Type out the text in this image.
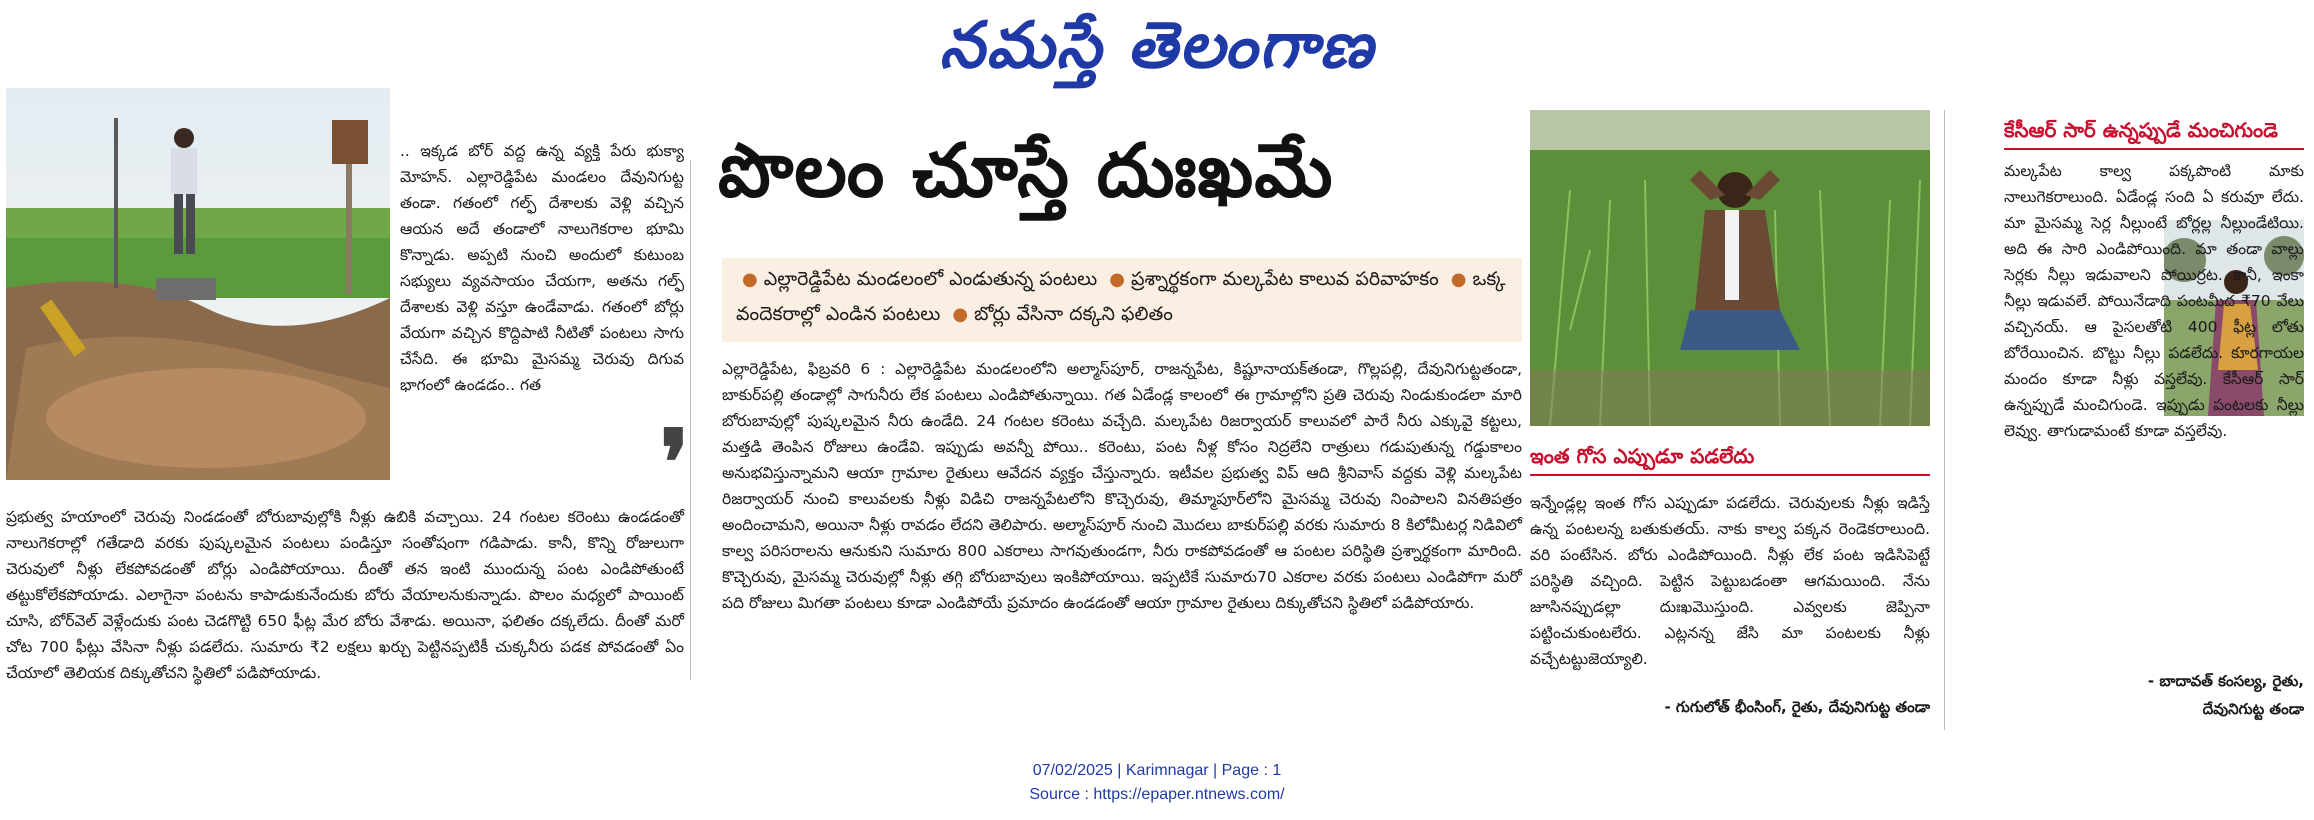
నమస్తే తెలంగాణ

.. ఇక్కడ బోర్ వద్ద ఉన్న వ్యక్తి పేరు భుక్యా మోహన్. ఎల్లారెడ్డిపేట మండలం దేవునిగుట్ట తండా. గతంలో గల్ఫ్ దేశాలకు వెళ్లి వచ్చిన ఆయన అదే తండాలో నాలుగెకరాల భూమి కొన్నాడు. అప్పటి నుంచి అందులో కుటుంబ సభ్యులు వ్యవసాయం చేయగా, అతను గల్ఫ్ దేశాలకు వెళ్లి వస్తూ ఉండేవాడు. గతంలో బోర్లు వేయగా వచ్చిన కొద్దిపాటి నీటితో పంటలు సాగు చేసేది. ఈ భూమి మైసమ్మ చెరువు దిగువ భాగంలో ఉండడం.. గత

ప్రభుత్వ హయాంలో చెరువు నిండడంతో బోరుబావుల్లోకి నీళ్లు ఉబికి వచ్చాయి. 24 గంటల కరెంటు ఉండడంతో నాలుగెకరాల్లో గతేడాది వరకు పుష్కలమైన పంటలు పండిస్తూ సంతోషంగా గడిపాడు. కానీ, కొన్ని రోజులుగా చెరువులో నీళ్లు లేకపోవడంతో బోర్లు ఎండిపోయాయి. దీంతో తన ఇంటి ముందున్న పంట ఎండిపోతుంటే తట్టుకోలేకపోయాడు. ఎలాగైనా పంటను కాపాడుకునేందుకు బోరు వేయాలనుకున్నాడు. పొలం మధ్యలో పాయింట్ చూసి, బోర్‌వెల్ వెళ్లేందుకు పంట చెడగొట్టి 650 ఫీట్ల మేర బోరు వేశాడు. అయినా, ఫలితం దక్కలేదు. దీంతో మరో చోట 700 ఫీట్లు వేసినా నీళ్లు పడలేదు. సుమారు ₹2 లక్షలు ఖర్చు పెట్టినప్పటికీ చుక్కనీరు పడక పోవడంతో ఏం చేయాలో తెలియక దిక్కుతోచని స్థితిలో పడిపోయాడు.

❜
పొలం చూస్తే దుఃఖమే
● ఎల్లారెడ్డిపేట మండలంలో ఎండుతున్న పంటలు ● ప్రశ్నార్థకంగా మల్కపేట కాలువ పరివాహకం ● ఒక్క వందెకరాల్లో ఎండిన పంటలు ● బోర్లు వేసినా దక్కని ఫలితం

ఎల్లారెడ్డిపేట, ఫిబ్రవరి 6 : ఎల్లారెడ్డిపేట మండలంలోని అల్మాస్‌పూర్, రాజన్నపేట, కిష్టూనాయక్‌తండా, గొల్లపల్లి, దేవునిగుట్టతండా, బాకుర్‌పల్లి తండాల్లో సాగునీరు లేక పంటలు ఎండిపోతున్నాయి. గత ఏడేండ్ల కాలంలో ఈ గ్రామాల్లోని ప్రతి చెరువు నిండుకుండలా మారి బోరుబావుల్లో పుష్కలమైన నీరు ఉండేది. 24 గంటల కరెంటు వచ్చేది. మల్కపేట రిజర్వాయర్ కాలువలో పారే నీరు ఎక్కువై కట్టలు, మత్తడి తెంపిన రోజులు ఉండేవి. ఇప్పుడు అవన్నీ పోయి.. కరెంటు, పంట నీళ్ల కోసం నిద్రలేని రాత్రులు గడుపుతున్న గడ్డుకాలం అనుభవిస్తున్నామని ఆయా గ్రామాల రైతులు ఆవేదన వ్యక్తం చేస్తున్నారు. ఇటీవల ప్రభుత్వ విప్ ఆది శ్రీనివాస్ వద్దకు వెళ్లి మల్కపేట రిజర్వాయర్ నుంచి కాలువలకు నీళ్లు విడిచి రాజన్నపేటలోని కొచ్చెరువు, తిమ్మాపూర్‌లోని మైసమ్మ చెరువు నింపాలని వినతిపత్రం అందించామని, అయినా నీళ్లు రావడం లేదని తెలిపారు. అల్మాస్‌పూర్ నుంచి మొదలు బాకుర్‌పల్లి వరకు సుమారు 8 కిలోమీటర్ల నిడివిలో కాల్వ పరిసరాలను ఆనుకుని సుమారు 800 ఎకరాలు సాగవుతుండగా, నీరు రాకపోవడంతో ఆ పంటల పరిస్థితి ప్రశ్నార్థకంగా మారింది. కొచ్చెరువు, మైసమ్మ చెరువుల్లో నీళ్లు తగ్గి బోరుబావులు ఇంకిపోయాయి. ఇప్పటికే సుమారు70 ఎకరాల వరకు పంటలు ఎండిపోగా మరో పది రోజులు మిగతా పంటలు కూడా ఎండిపోయే ప్రమాదం ఉండడంతో ఆయా గ్రామాల రైతులు దిక్కుతోచని స్థితిలో పడిపోయారు.

ఇంత గోస ఎప్పుడూ పడలేదు

ఇన్నేండ్లల్ల ఇంత గోస ఎప్పుడూ పడలేదు. చెరువులకు నీళ్లు ఇడిస్తే ఉన్న పంటలన్న బతుకుతయ్. నాకు కాల్వ పక్కన రెండెకరాలుంది. వరి పంటేసిన. బోరు ఎండిపోయింది. నీళ్లు లేక పంట ఇడిసిపెట్టే పరిస్థితి వచ్చింది. పెట్టిన పెట్టుబడంతా ఆగమయింది. నేను జూసినప్పుడల్లా దుఃఖమొస్తుంది. ఎవ్వలకు జెప్పినా పట్టించుకుంటలేరు. ఎట్లనన్న జేసి మా పంటలకు నీళ్లు వచ్చేటట్టుజెయ్యాలి.

- గుగులోత్ భీంసింగ్, రైతు, దేవునిగుట్ట తండా
కేసీఆర్ సార్ ఉన్నప్పుడే మంచిగుండె

మల్కపేట కాల్వ పక్కపొంటి మాకు నాలుగెకరాలుంది. ఏడేండ్ల సంది ఏ కరువూ లేదు. మా మైసమ్మ సెర్ల నీల్లుంటే బోర్లల్ల నీల్లుండేటియి. అది ఈ సారి ఎండిపోయింది. మా తండా వాల్లు సెర్లకు నీల్లు ఇడువాలని పోయిర్రట. కానీ, ఇంకా నీల్లు ఇడువలే. పోయినేడాది పంటమీద ₹70 వేలు వచ్చినయ్. ఆ పైసలతోటి 400 ఫీట్ల లోతు బోరేయించిన. బొట్టు నీల్లు పడలేదు. కూరగాయల మందం కూడా నీళ్లు వస్తలేవు. కేసీఆర్ సార్ ఉన్నప్పుడే మంచిగుండె. ఇప్పుడు పంటలకు నీల్లు లెవ్వు. తాగుడామంటే కూడా వస్తలేవు.

- బాదావత్ కంసల్య, రైతు,
దేవునిగుట్ట తండా
07/02/2025 | Karimnagar | Page : 1
Source : https://epaper.ntnews.com/
